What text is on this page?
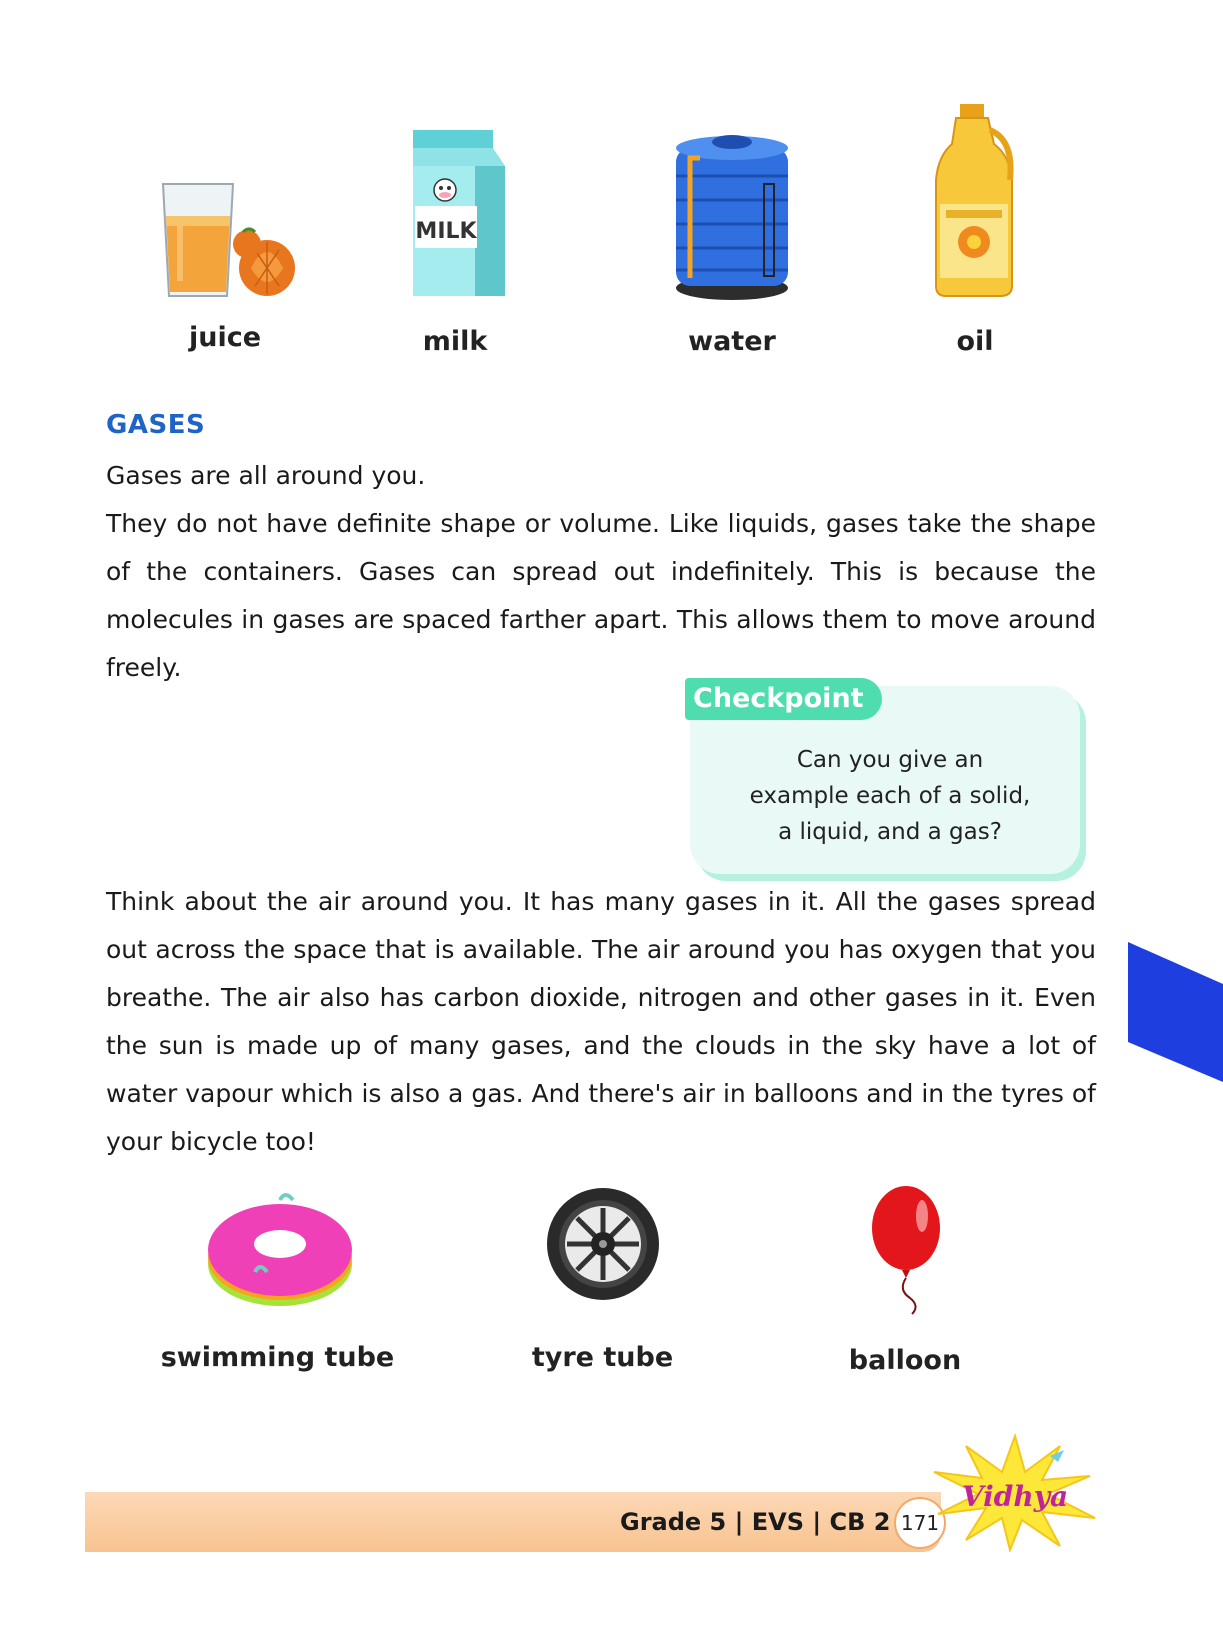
MILK
juice	milk	water	oil
GASES
Gases are all around you.
They do not have definite shape or volume. Like liquids, gases take the shape of the containers. Gases can spread out indefinitely. This is because the molecules in gases are spaced farther apart. This allows them to move around freely.
Checkpoint
Can you give an
example each of a solid,
a liquid, and a gas?
Think about the air around you. It has many gases in it. All the gases spread out across the space that is available. The air around you has oxygen that you breathe. The air also has carbon dioxide, nitrogen and other gases in it. Even the sun is made up of many gases, and the clouds in the sky have a lot of water vapour which is also a gas. And there's air in balloons and in the tyres of your bicycle too!
swimming tube	tyre tube	balloon
Grade 5 | EVS | CB 2 171
Vidhya
